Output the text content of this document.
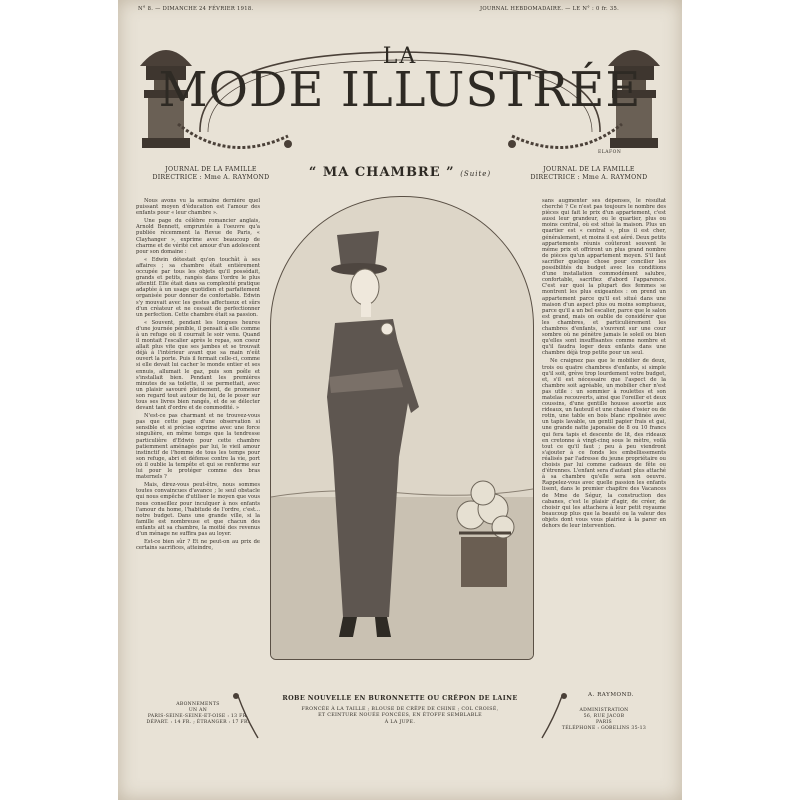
N° 8. — DIMANCHE 24 FÉVRIER 1918.	JOURNAL HEBDOMADAIRE. — LE N° : 0 fr. 35.
LA
MODE ILLUSTRÉE
JOURNAL DE LA FAMILLE
DIRECTRICE : Mme A. RAYMOND
JOURNAL DE LA FAMILLE
DIRECTRICE : Mme A. RAYMOND
ELAFON
“ MA CHAMBRE ” (Suite)

Nous avons vu la semaine dernière quel puissant moyen d'éducation est l'amour des enfants pour « leur chambre ».

Une page du célèbre romancier anglais, Arnold Bennett, empruntée à l'oeuvre qu'a publiée récemment la Revue de Paris, « Clayhanger », exprime avec beaucoup de charme et de vérité cet amour d'un adolescent pour son domaine :

« Edwin détestait qu'on touchât à ses affaires ; sa chambre était entièrement occupée par tous les objets qu'il possédait, grands et petits, rangés dans l'ordre le plus attentif. Elle était dans sa complexité pratique adaptée à un usage quotidien et parfaitement organisée pour donner de confortable. Edwin s'y mouvait avec les gestes affectueux et sûrs d'un créateur et ne cessait de perfectionner un perfection. Cette chambre était sa passion.

« Souvent, pendant les longues heures d'une journée pénible, il pensait à elle comme à un refuge où il courrait le soir venu. Quand il montait l'escalier après le repas, son coeur allait plus vite que ses jambes et se trouvait déjà à l'intérieur avant que sa main n'eût ouvert la porte. Puis il fermait celle-ci, comme si elle devait lui cacher le monde entier et ses ennuis, allumait le gaz, puis son poêle et s'installait bien. Pendant les premières minutes de sa toilette, il se permettait, avec un plaisir savouré pleinement, de promener son regard tout autour de lui, de le poser sur tous ses livres bien rangés, et de se délecter devant tant d'ordre et de commodité. »

N'est-ce pas charmant et ne trouvez-vous pas que cette page d'une observation si sensible et si précise exprime avec une force singulière, en même temps que la tendresse particulière d'Edwin pour cette chambre patiemment aménagée par lui, le vieil amour instinctif de l'homme de tous les temps pour son refuge, abri et défense contre la vie, port où il oublie la tempête et qui se renferme sur lui pour le protéger comme des bras maternels ?

Mais, direz-vous peut-être, nous sommes toutes convaincues d'avance ; le seul obstacle qui nous empêche d'utiliser le moyen que vous nous conseillez pour inculquer à nos enfants l'amour du home, l'habitude de l'ordre, c'est... notre budget. Dans une grande ville, si la famille est nombreuse et que chacun des enfants ait sa chambre, la moitié des revenus d'un ménage ne suffira pas au loyer.

Est-ce bien sûr ? Et ne peut-on au prix de certains sacrifices, atteindre,

sans augmenter ses dépenses, le résultat cherché ? Ce n'est pas toujours le nombre des pièces qui fait le prix d'un appartement, c'est aussi leur grandeur, ou le quartier, plus ou moins central, où est situé la maison. Plus un quartier est « central », plus il est cher, généralement, et moins il est aéré. Deux petits appartements réunis coûteront souvent le même prix et offriront un plus grand nombre de pièces qu'un appartement moyen. S'il faut sacrifier quelque chose pour concilier les possibilités du budget avec les conditions d'une installation commodément salubre, confortable, sacrifiez d'abord l'apparence. C'est sur quoi la plupart des femmes se montrent les plus exigeantes : on prend un appartement parce qu'il est situé dans une maison d'un aspect plus ou moins somptueux, parce qu'il a un bel escalier, parce que le salon est grand, mais on oublie de considérer que les chambres, et particulièrement les chambres d'enfants, s'ouvrent sur une cour sombre où ne pénètre jamais le soleil ou bien qu'elles sont insuffisantes comme nombre et qu'il faudra loger deux enfants dans une chambre déjà trop petite pour un seul.

Ne craignez pas que le mobilier de deux, trois ou quatre chambres d'enfants, si simple qu'il soit, grève trop lourdement votre budget, et, s'il est nécessaire que l'aspect de la chambre soit agréable, un mobilier cher n'est pas utile : un sommier à roulettes et son matelas recouverts, ainsi que l'oreiller et deux coussins, d'une gentille housse assortie aux rideaux, un fauteuil et une chaise d'osier ou de rotin, une table en bois blanc ripolinée avec un tapis lavable, un gentil papier frais et gai, une grande natte japonaise de 8 ou 10 francs qui fera tapis et descente de lit, des rideaux en cretonne à vingt-cinq sous le mètre, voilà tout ce qu'il faut ; peu à peu viendront s'ajouter à ce fonds les embellissements réalisés par l'adresse du jeune propriétaire ou choisis par lui comme cadeaux de fête ou d'étrennes. L'enfant sera d'autant plus attaché à sa chambre qu'elle sera son oeuvre. Rappelez-vous avec quelle passion les enfants lisent, dans le premier chapitre des Vacances de Mme de Ségur, la construction des cabanes, c'est le plaisir d'agir, de créer, de choisir qui les attachera à leur petit royaume beaucoup plus que la beauté ou la valeur des objets dont vous vous plairiez à la parer en dehors de leur intervention.

A. RAYMOND.
ROBE NOUVELLE EN BURONNETTE OU CRÊPON DE LAINE
FRONCÉE À LA TAILLE ; BLOUSE DE CRÊPE DE CHINE ; COL CROISÉ,
ET CEINTURE NOUÉE FONCÉES, EN ÉTOFFE SEMBLABLE
À LA JUPE.
ABONNEMENTS
UN AN
PARIS-SEINE-SEINE-ET-OISE : 13 FR.
DÉPART. : 14 FR. ; ÉTRANGER : 17 FR.
ADMINISTRATION
56, RUE JACOB
PARIS
TÉLÉPHONE : GOBELINS 35-13
